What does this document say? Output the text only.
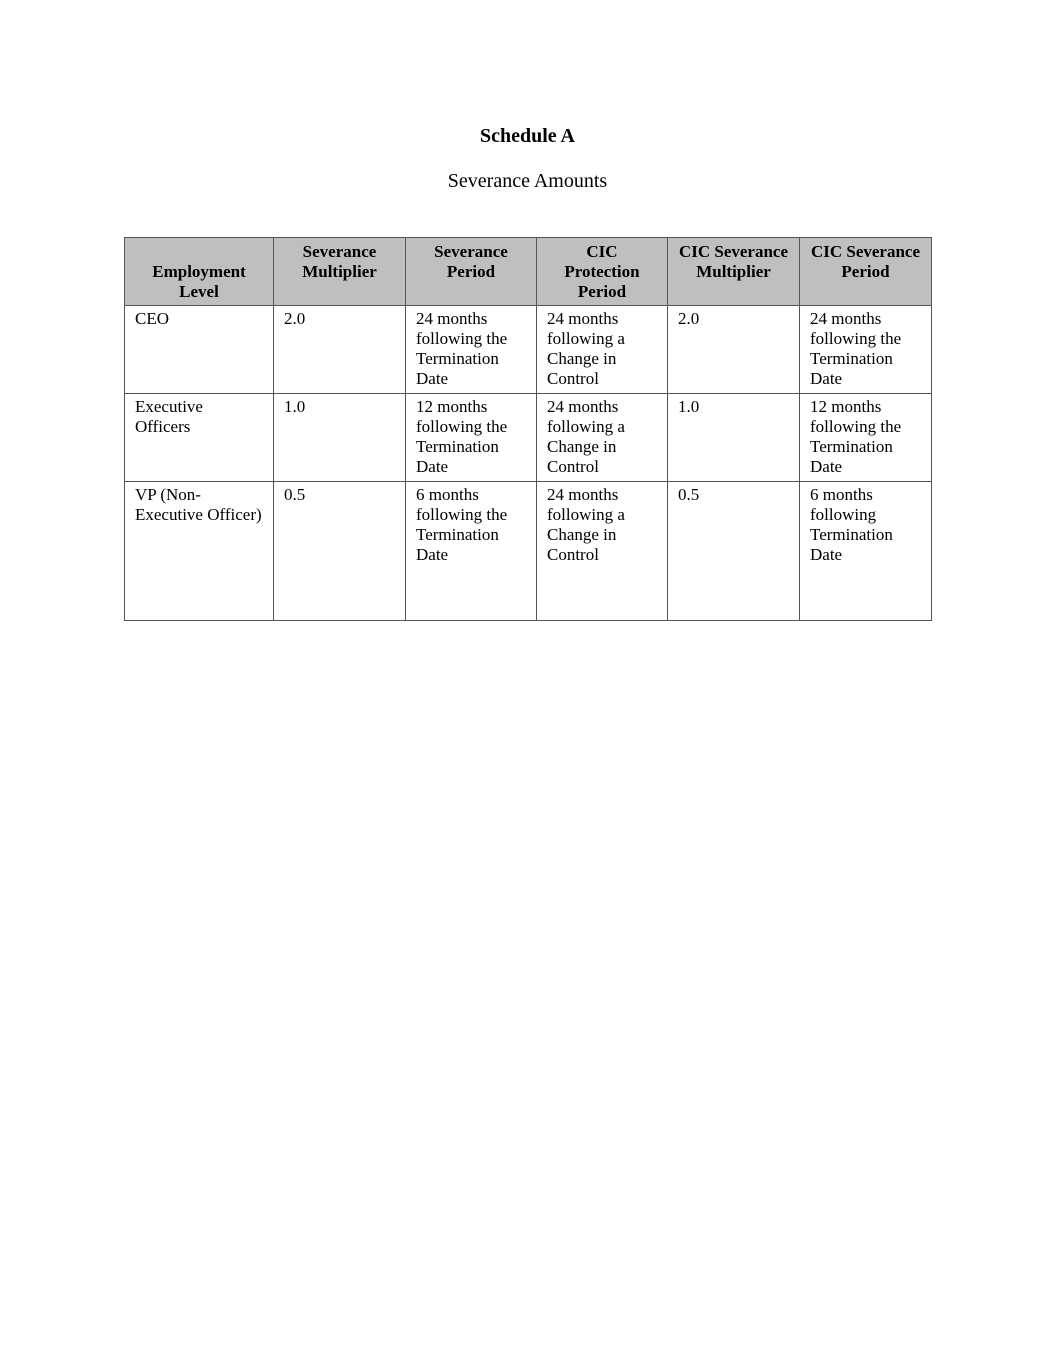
Schedule A
Severance Amounts
Employment
Level	Severance
Multiplier	Severance
Period	CIC
Protection
Period	CIC Severance
Multiplier	CIC Severance
Period
CEO	2.0	24 months
following the
Termination
Date	24 months
following a
Change in
Control	2.0	24 months
following the
Termination
Date
Executive
Officers	1.0	12 months
following the
Termination
Date	24 months
following a
Change in
Control	1.0	12 months
following the
Termination
Date
VP (Non-
Executive Officer)	0.5	6 months
following the
Termination
Date	24 months
following a
Change in
Control	0.5	6 months
following
Termination
Date
